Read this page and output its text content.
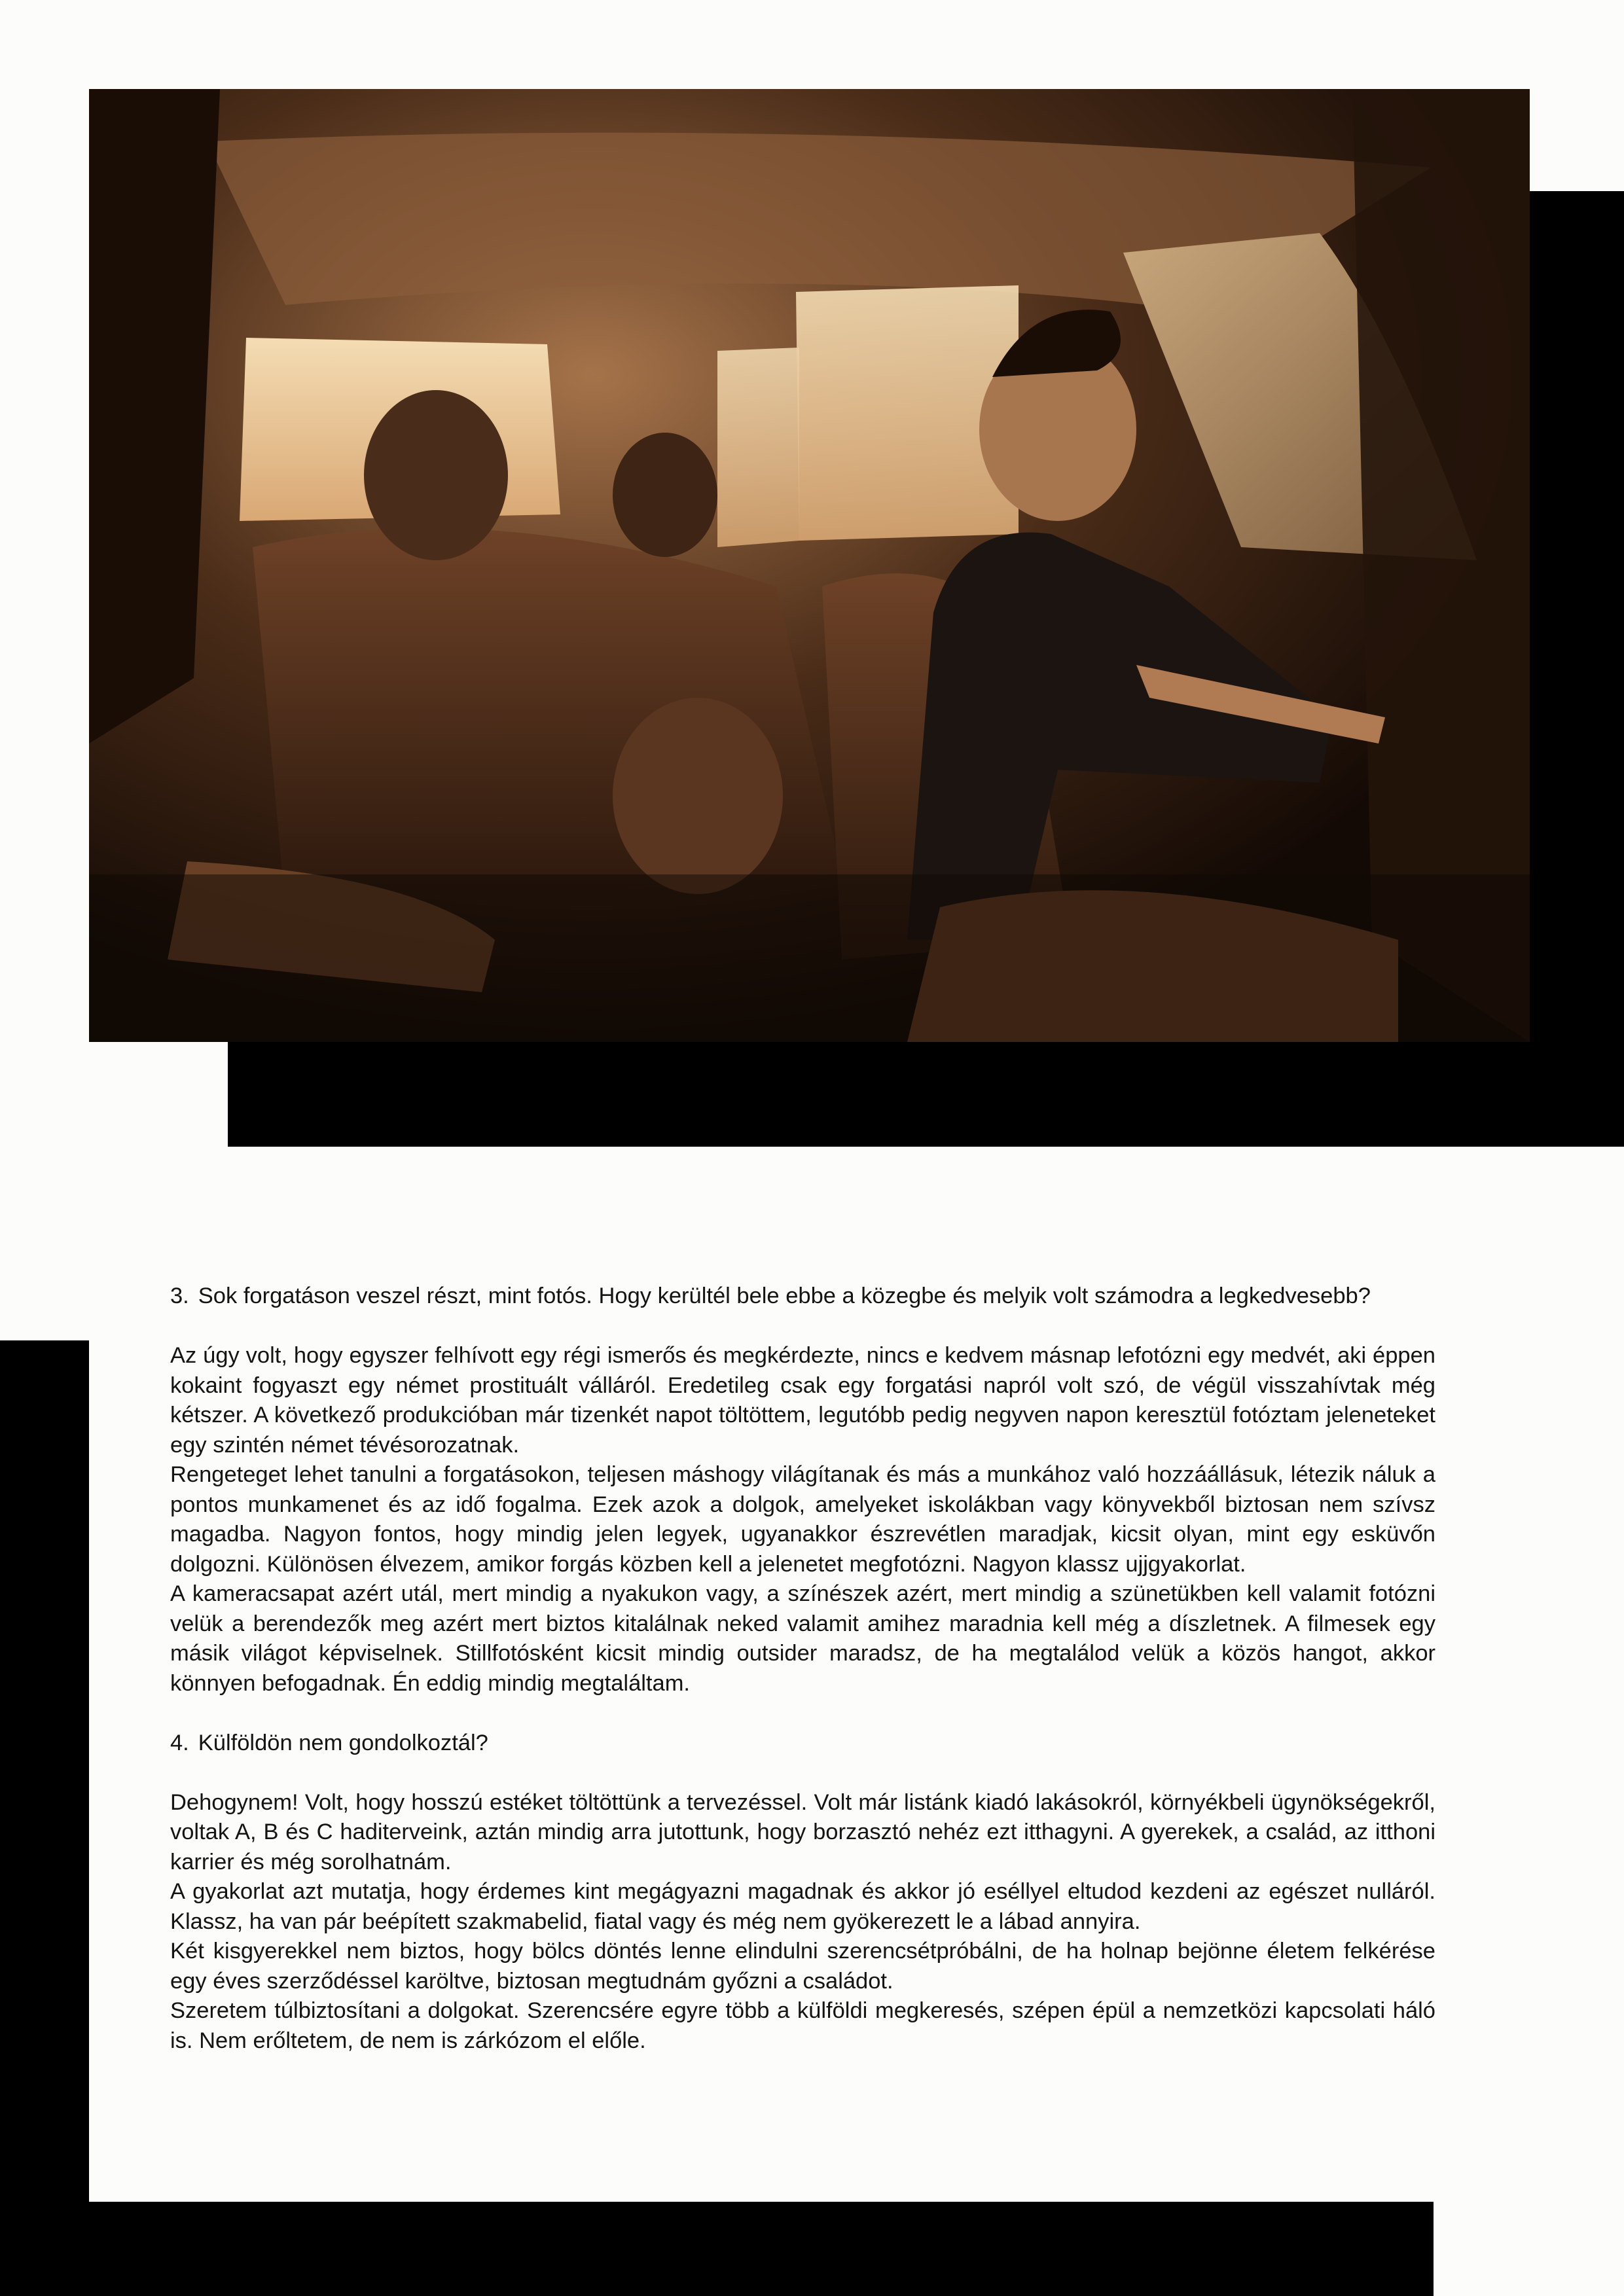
3. Sok forgatáson veszel részt, mint fotós. Hogy kerültél bele ebbe a közegbe és melyik volt számodra a legkedvesebb?

Az úgy volt, hogy egyszer felhívott egy régi ismerős és megkérdezte, nincs e kedvem másnap lefotózni egy medvét, aki éppen kokaint fogyaszt egy német prostituált válláról. Eredetileg csak egy forgatási napról volt szó, de végül visszahívtak még kétszer. A következő produkcióban már tizenkét napot töltöttem, legutóbb pedig negyven napon keresztül fotóztam jeleneteket egy szintén német tévésorozatnak.

Rengeteget lehet tanulni a forgatásokon, teljesen máshogy világítanak és más a munkához való hozzáállásuk, létezik náluk a pontos munkamenet és az idő fogalma. Ezek azok a dolgok, amelyeket iskolákban vagy könyvekből biztosan nem szívsz magadba. Nagyon fontos, hogy mindig jelen legyek, ugyanakkor észrevétlen maradjak, kicsit olyan, mint egy esküvőn dolgozni. Különösen élvezem, amikor forgás közben kell a jelenetet megfotózni. Nagyon klassz ujjgyakorlat.

A kameracsapat azért utál, mert mindig a nyakukon vagy, a színészek azért, mert mindig a szünetükben kell valamit fotózni velük a berendezők meg azért mert biztos kitalálnak neked valamit amihez maradnia kell még a díszletnek. A filmesek egy másik világot képviselnek. Stillfotósként kicsit mindig outsider maradsz, de ha megtalálod velük a közös hangot, akkor könnyen befogadnak. Én eddig mindig megtaláltam.

4. Külföldön nem gondolkoztál?

Dehogynem! Volt, hogy hosszú estéket töltöttünk a tervezéssel. Volt már listánk kiadó lakásokról, környékbeli ügynökségekről, voltak A, B és C haditerveink, aztán mindig arra jutottunk, hogy borzasztó nehéz ezt itthagyni. A gyerekek, a család, az itthoni karrier és még sorolhatnám.

A gyakorlat azt mutatja, hogy érdemes kint megágyazni magadnak és akkor jó eséllyel eltudod kezdeni az egészet nulláról. Klassz, ha van pár beépített szakmabelid, fiatal vagy és még nem gyökerezett le a lábad annyira.

Két kisgyerekkel nem biztos, hogy bölcs döntés lenne elindulni szerencsétpróbálni, de ha holnap bejönne életem felkérése egy éves szerződéssel karöltve, biztosan megtudnám győzni a családot.

Szeretem túlbiztosítani a dolgokat. Szerencsére egyre több a külföldi megkeresés, szépen épül a nemzetközi kapcsolati háló is. Nem erőltetem, de nem is zárkózom el előle.
